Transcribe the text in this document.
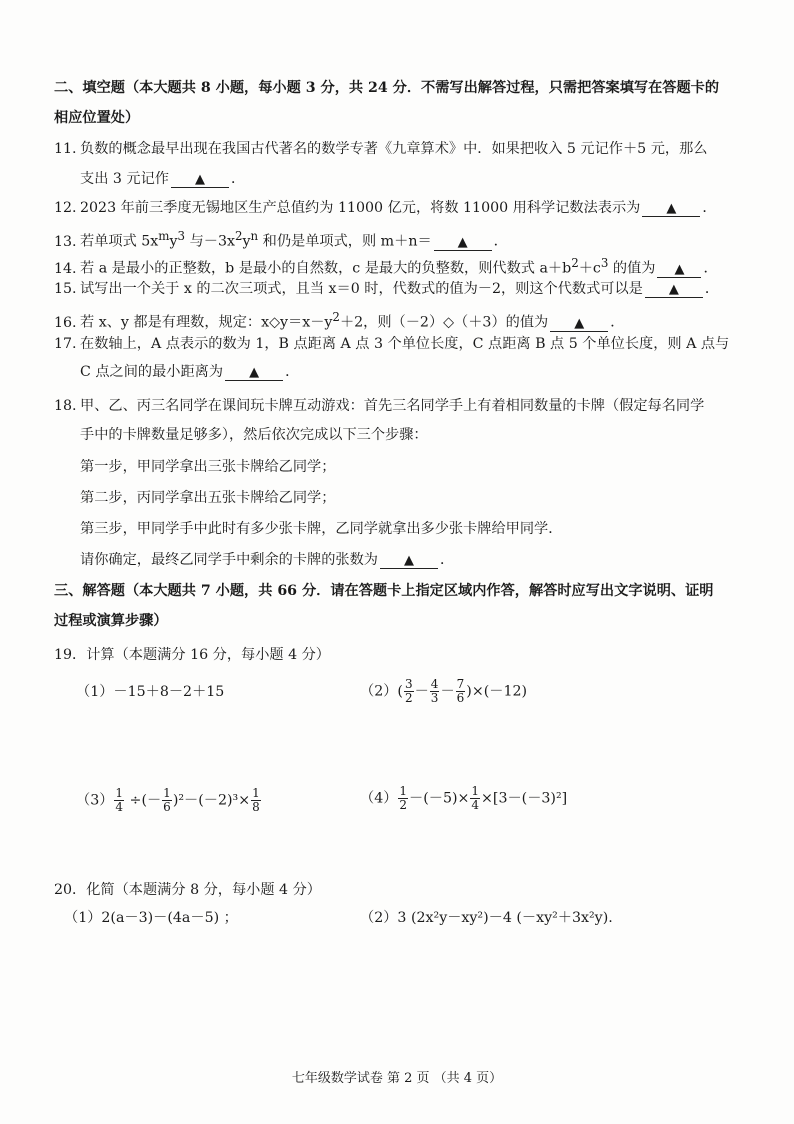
二、填空题（本大题共 8 小题，每小题 3 分，共 24 分．不需写出解答过程，只需把答案填写在答题卡的
相应位置处）
11. 负数的概念最早出现在我国古代著名的数学专著《九章算术》中．如果把收入 5 元记作＋5 元，那么
支出 3 元记作 ▲ ．
12. 2023 年前三季度无锡地区生产总值约为 11000 亿元，将数 11000 用科学记数法表示为 ▲ ．
13. 若单项式 $5x^my^3$ 与$-3x^2y^n$ 和仍是单项式，则 m＋n＝ ▲ ．
14. 若 a 是最小的正整数，b 是最小的自然数，c 是最大的负整数，则代数式 $a+b^2+c^3$ 的值为 ▲ ．
15. 试写出一个关于 x 的二次三项式，且当 x＝0 时，代数式的值为－2，则这个代数式可以是 ▲ ．
16. 若 x、y 都是有理数，规定：$x◇y=x-y^2+2$，则（－2）◇（＋3）的值为 ▲ ．
17. 在数轴上，A 点表示的数为 1，B 点距离 A 点 3 个单位长度，C 点距离 B 点 5 个单位长度，则 A 点与
C 点之间的最小距离为 ▲ ．
18. 甲、乙、丙三名同学在课间玩卡牌互动游戏：首先三名同学手上有着相同数量的卡牌（假定每名同学
手中的卡牌数量足够多），然后依次完成以下三个步骤：
第一步，甲同学拿出三张卡牌给乙同学；
第二步，丙同学拿出五张卡牌给乙同学；
第三步，甲同学手中此时有多少张卡牌，乙同学就拿出多少张卡牌给甲同学．
请你确定，最终乙同学手中剩余的卡牌的张数为 ▲ ．
三、解答题（本大题共 7 小题，共 66 分．请在答题卡上指定区域内作答，解答时应写出文字说明、证明
过程或演算步骤）
19．计算（本题满分 16 分，每小题 4 分）
（1）－15＋8－2＋15	$(2)( \frac{3}{2} - \frac{4}{3} - \frac{7}{6} )\times(-12)$
$(3) \frac{1}{4}$ ÷(－ $\frac{1}{6} )^2-(-2)^3\times \frac{1}{8}$	$(4) \frac{1}{2} -(-5)\times \frac{1}{4} \times[3-(-3)^2]$
20．化简（本题满分 8 分，每小题 4 分）
（1）2(a－3)－(4a－5) ；	（2）3 (2x²y－xy²)－4 (－xy²＋3x²y).
七年级数学试卷 第 2 页 （共 4 页）
